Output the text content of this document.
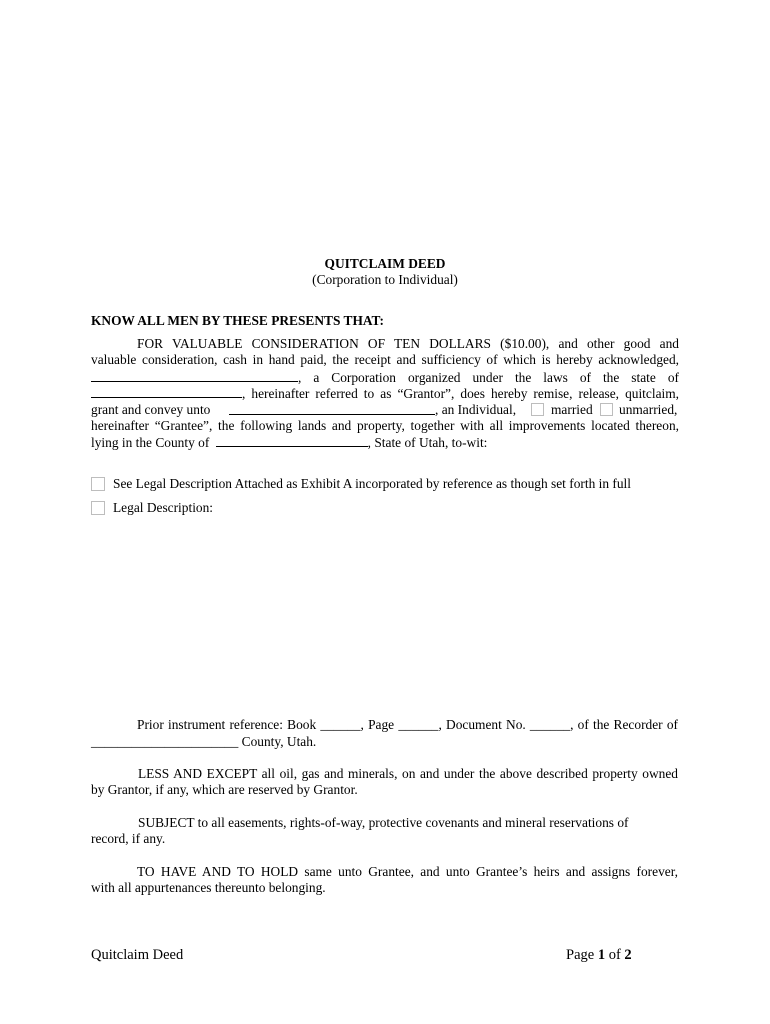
QUITCLAIM DEED
(Corporation to Individual)
KNOW ALL MEN BY THESE PRESENTS THAT:
FOR VALUABLE CONSIDERATION OF TEN DOLLARS ($10.00), and other good and
valuable consideration, cash in hand paid, the receipt and sufficiency of which is hereby acknowledged,
, a Corporation organized under the laws of the state of
, hereinafter referred to as “Grantor”, does hereby remise, release, quitclaim,
grant and convey unto	, an Individual,	married unmarried,
hereinafter “Grantee”, the following lands and property, together with all improvements located thereon,
lying in the County of	, State of Utah, to-wit:
See Legal Description Attached as Exhibit A incorporated by reference as though set forth in full
Legal Description:
Prior instrument reference: Book ______, Page ______, Document No. ______, of the Recorder of
______________________ County, Utah.
LESS AND EXCEPT all oil, gas and minerals, on and under the above described property owned
by Grantor, if any, which are reserved by Grantor.
SUBJECT to all easements, rights-of-way, protective covenants and mineral reservations of
record, if any.
TO HAVE AND TO HOLD same unto Grantee, and unto Grantee’s heirs and assigns forever,
with all appurtenances thereunto belonging.
Quitclaim Deed	Page 1 of 2
